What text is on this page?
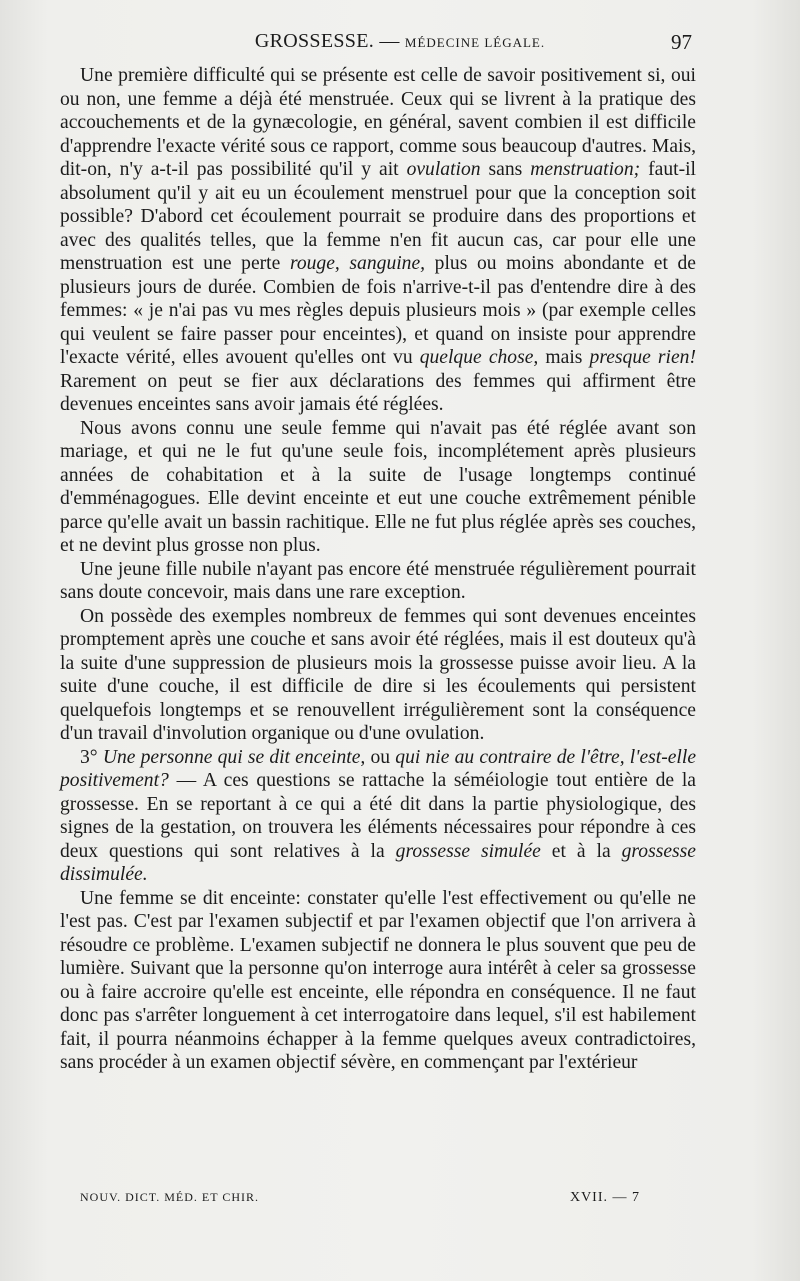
GROSSESSE. — MÉDECINE LÉGALE.	97

Une première difficulté qui se présente est celle de savoir positivement si, oui ou non, une femme a déjà été menstruée. Ceux qui se livrent à la pratique des accouchements et de la gynæcologie, en général, savent combien il est difficile d'apprendre l'exacte vérité sous ce rapport, comme sous beaucoup d'autres. Mais, dit-on, n'y a-t-il pas possibilité qu'il y ait ovulation sans menstruation; faut-il absolument qu'il y ait eu un écoulement menstruel pour que la conception soit possible? D'abord cet écoulement pourrait se produire dans des proportions et avec des qualités telles, que la femme n'en fit aucun cas, car pour elle une menstruation est une perte rouge, sanguine, plus ou moins abondante et de plusieurs jours de durée. Combien de fois n'arrive-t-il pas d'entendre dire à des femmes: « je n'ai pas vu mes règles depuis plusieurs mois » (par exemple celles qui veulent se faire passer pour enceintes), et quand on insiste pour apprendre l'exacte vérité, elles avouent qu'elles ont vu quelque chose, mais presque rien! Rarement on peut se fier aux déclarations des femmes qui affirment être devenues enceintes sans avoir jamais été réglées.

Nous avons connu une seule femme qui n'avait pas été réglée avant son mariage, et qui ne le fut qu'une seule fois, incomplétement après plusieurs années de cohabitation et à la suite de l'usage longtemps continué d'emménagogues. Elle devint enceinte et eut une couche extrêmement pénible parce qu'elle avait un bassin rachitique. Elle ne fut plus réglée après ses couches, et ne devint plus grosse non plus.

Une jeune fille nubile n'ayant pas encore été menstruée régulièrement pourrait sans doute concevoir, mais dans une rare exception.

On possède des exemples nombreux de femmes qui sont devenues enceintes promptement après une couche et sans avoir été réglées, mais il est douteux qu'à la suite d'une suppression de plusieurs mois la grossesse puisse avoir lieu. A la suite d'une couche, il est difficile de dire si les écoulements qui persistent quelquefois longtemps et se renouvellent irrégulièrement sont la conséquence d'un travail d'involution organique ou d'une ovulation.

3° Une personne qui se dit enceinte, ou qui nie au contraire de l'être, l'est-elle positivement? — A ces questions se rattache la séméiologie tout entière de la grossesse. En se reportant à ce qui a été dit dans la partie physiologique, des signes de la gestation, on trouvera les éléments nécessaires pour répondre à ces deux questions qui sont relatives à la grossesse simulée et à la grossesse dissimulée.

Une femme se dit enceinte: constater qu'elle l'est effectivement ou qu'elle ne l'est pas. C'est par l'examen subjectif et par l'examen objectif que l'on arrivera à résoudre ce problème. L'examen subjectif ne donnera le plus souvent que peu de lumière. Suivant que la personne qu'on interroge aura intérêt à celer sa grossesse ou à faire accroire qu'elle est enceinte, elle répondra en conséquence. Il ne faut donc pas s'arrêter longuement à cet interrogatoire dans lequel, s'il est habilement fait, il pourra néanmoins échapper à la femme quelques aveux contradictoires, sans procéder à un examen objectif sévère, en commençant par l'extérieur

NOUV. DICT. MÉD. ET CHIR.	XVII. — 7
